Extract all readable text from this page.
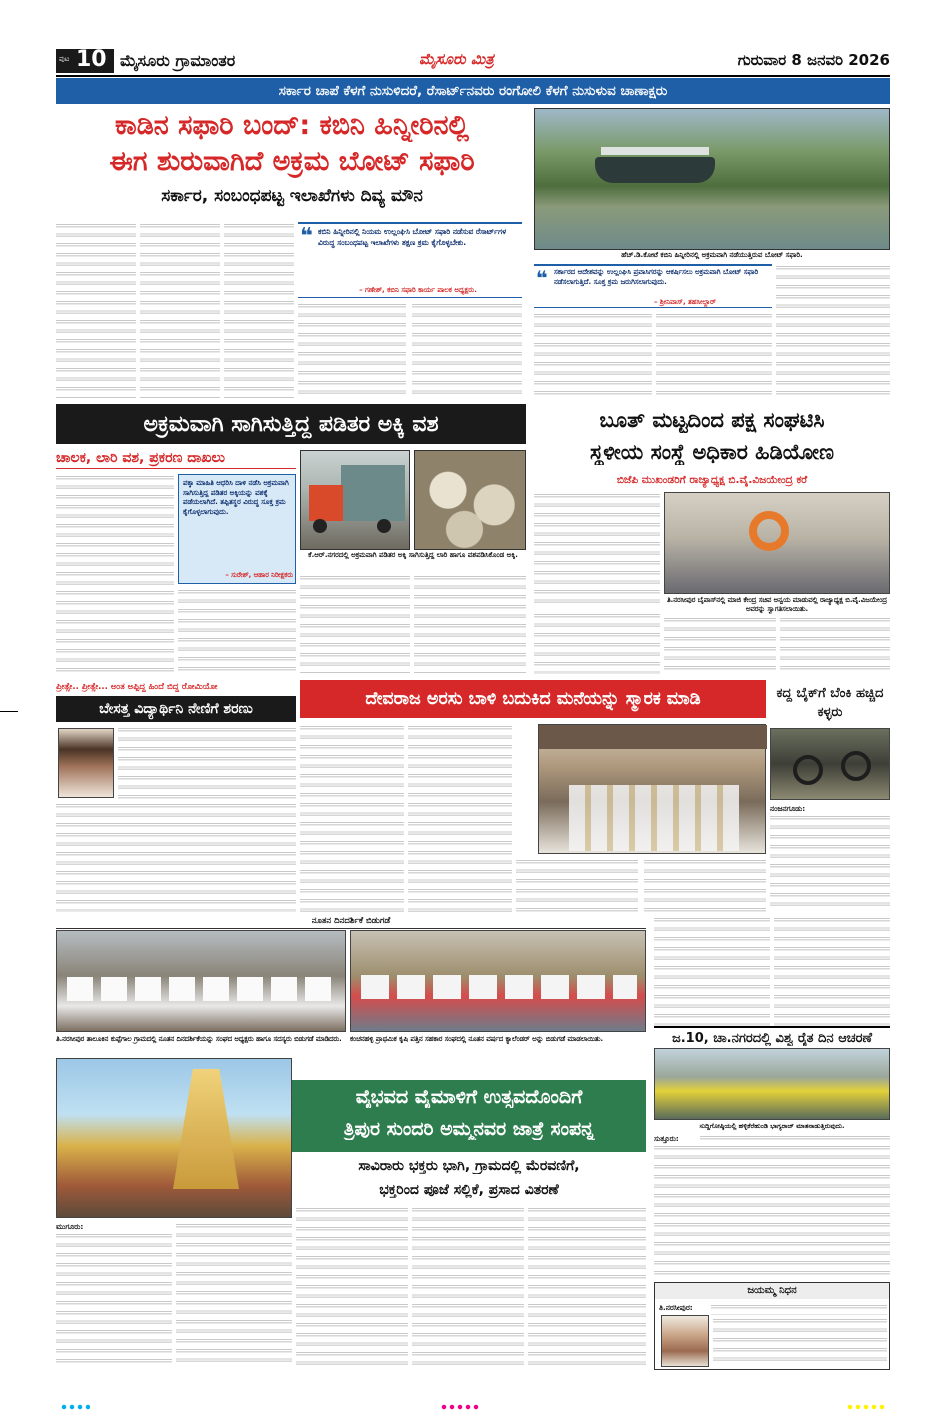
ಪುಟ 10 ಮೈಸೂರು ಗ್ರಾಮಾಂತರ	ಮೈಸೂರು ಮಿತ್ರ	ಗುರುವಾರ 8 ಜನವರಿ 2026
ಸರ್ಕಾರ ಚಾಪೆ ಕೆಳಗೆ ನುಸುಳಿದರೆ, ರೆಸಾರ್ಟ್‌ನವರು ರಂಗೋಲಿ ಕೆಳಗೆ ನುಸುಳುವ ಚಾಣಾಕ್ಷರು
ಕಾಡಿನ ಸಫಾರಿ ಬಂದ್: ಕಬಿನಿ ಹಿನ್ನೀರಿನಲ್ಲಿ
ಈಗ ಶುರುವಾಗಿದೆ ಅಕ್ರಮ ಬೋಟ್ ಸಫಾರಿ
ಸರ್ಕಾರ, ಸಂಬಂಧಪಟ್ಟ ಇಲಾಖೆಗಳು ದಿವ್ಯ ಮೌನ
ಹೆಚ್.ಡಿ.ಕೋಟೆ ಕಬಿನಿ ಹಿನ್ನೀರಿನಲ್ಲಿ ಅಕ್ರಮವಾಗಿ ನಡೆಯುತ್ತಿರುವ ಬೋಟ್ ಸಫಾರಿ.
❝ ಕಬಿನಿ ಹಿನ್ನೀರಿನಲ್ಲಿ ನಿಯಮ ಉಲ್ಲಂಘಿಸಿ ಬೋಟ್ ಸಫಾರಿ ನಡೆಸುವ ರೆಸಾರ್ಟ್‌ಗಳ ವಿರುದ್ಧ ಸಂಬಂಧಪಟ್ಟ ಇಲಾಖೆಗಳು ತಕ್ಷಣ ಕ್ರಮ ಕೈಗೊಳ್ಳಬೇಕು.
– ಗಣೇಶ್, ಕಬಿನಿ ಸಫಾರಿ ಕಾರ್ಯ ಪಾಲಕ ಅಧ್ಯಕ್ಷರು.	❝ ಸರ್ಕಾರದ ಆದೇಶವನ್ನು ಉಲ್ಲಂಘಿಸಿ ಪ್ರವಾಸಿಗರನ್ನು ಆಕರ್ಷಿಸಲು ಅಕ್ರಮವಾಗಿ ಬೋಟ್ ಸಫಾರಿ ನಡೆಸಲಾಗುತ್ತಿದೆ. ಸೂಕ್ತ ಕ್ರಮ ಜರುಗಿಸಲಾಗುವುದು.
– ಶ್ರೀನಿವಾಸ್, ತಹಸೀಲ್ದಾರ್
ಅಕ್ರಮವಾಗಿ ಸಾಗಿಸುತ್ತಿದ್ದ ಪಡಿತರ ಅಕ್ಕಿ ವಶ
ಚಾಲಕ, ಲಾರಿ ವಶ, ಪ್ರಕರಣ ದಾಖಲು
ಪಕ್ಕಾ ಮಾಹಿತಿ ಆಧರಿಸಿ ದಾಳಿ ನಡೆಸಿ ಅಕ್ರಮವಾಗಿ ಸಾಗಿಸುತ್ತಿದ್ದ ಪಡಿತರ ಅಕ್ಕಿಯನ್ನು ವಶಕ್ಕೆ ಪಡೆಯಲಾಗಿದೆ. ತಪ್ಪಿತಸ್ಥರ ವಿರುದ್ಧ ಸೂಕ್ತ ಕ್ರಮ ಕೈಗೊಳ್ಳಲಾಗುವುದು.
– ಸುರೇಶ್, ಆಹಾರ ನಿರೀಕ್ಷಕರು
ಕೆ.ಆರ್.ನಗರದಲ್ಲಿ ಅಕ್ರಮವಾಗಿ ಪಡಿತರ ಅಕ್ಕಿ ಸಾಗಿಸುತ್ತಿದ್ದ ಲಾರಿ ಹಾಗೂ ವಶಪಡಿಸಿಕೊಂಡ ಅಕ್ಕಿ.
ಬೂತ್ ಮಟ್ಟದಿಂದ ಪಕ್ಷ ಸಂಘಟಿಸಿ
ಸ್ಥಳೀಯ ಸಂಸ್ಥೆ ಅಧಿಕಾರ ಹಿಡಿಯೋಣ
ಬಿಜೆಪಿ ಮುಖಂಡರಿಗೆ ರಾಜ್ಯಾಧ್ಯಕ್ಷ ಬಿ.ವೈ.ವಿಜಯೇಂದ್ರ ಕರೆ
ತಿ.ನರಸೀಪುರ ಬೈಪಾಸ್‌ನಲ್ಲಿ ಮಾಜಿ ಕೇಂದ್ರ ಸಚಿವ ಅನ್ವಯ ಮಾಡುವಲ್ಲಿ ರಾಜ್ಯಾಧ್ಯಕ್ಷ ಬಿ.ವೈ.ವಿಜಯೇಂದ್ರ ಅವರನ್ನು ಸ್ವಾಗತಿಸಲಾಯಿತು.
ಪ್ರೀತ್ಸೇ.. ಪ್ರೀತ್ಸೇ... ಅಂತ ಅಪ್ಪಿದ್ದ ಹಿಂದೆ ಬಿದ್ದ ರೋಮಿಯೋ
ಬೇಸತ್ತ ವಿದ್ಯಾರ್ಥಿನಿ ನೇಣಿಗೆ ಶರಣು	ದೇವರಾಜ ಅರಸು ಬಾಳಿ ಬದುಕಿದ ಮನೆಯನ್ನು ಸ್ಮಾರಕ ಮಾಡಿ	ಕದ್ದ ಬೈಕ್‌ಗೆ ಬೆಂಕಿ ಹಚ್ಚಿದ ಕಳ್ಳರು
ನಂಜನಗೂಡು:
ನೂತನ ದಿನದರ್ಶಿಕೆ ಬಿಡುಗಡೆ
ತಿ.ನರಸೀಪುರ ತಾಲೂಕಿನ ಕುಪ್ಪೆಗಾಲ ಗ್ರಾಮದಲ್ಲಿ ನೂತನ ದಿನದರ್ಶಿಕೆಯನ್ನು ಸಂಘದ ಅಧ್ಯಕ್ಷರು ಹಾಗೂ ಸದಸ್ಯರು ಬಿಡುಗಡೆ ಮಾಡಿದರು.	ಕಂಚನಹಳ್ಳಿ ಪ್ರಾಥಮಿಕ ಕೃಷಿ ಪತ್ತಿನ ಸಹಕಾರ ಸಂಘದಲ್ಲಿ ನೂತನ ವರ್ಷದ ಕ್ಯಾಲೆಂಡರ್ ಅನ್ನು ಬಿಡುಗಡೆ ಮಾಡಲಾಯಿತು.	ಜ.10, ಚಾ.ನಗರದಲ್ಲಿ ವಿಶ್ವ ರೈತ ದಿನ ಆಚರಣೆ
ಸುದ್ದಿಗೋಷ್ಠಿಯಲ್ಲಿ ಹಳ್ಳಿಕೆರೆಹುಂಡಿ ಭಾಗ್ಯರಾಜ್ ಮಾತನಾಡುತ್ತಿರುವುದು.
ಸುತ್ತೂರು:
ವೈಭವದ ವೈಮಾಳಿಗೆ ಉತ್ಸವದೊಂದಿಗೆ
ತ್ರಿಪುರ ಸುಂದರಿ ಅಮ್ಮನವರ ಜಾತ್ರೆ ಸಂಪನ್ನ
ಸಾವಿರಾರು ಭಕ್ತರು ಭಾಗಿ, ಗ್ರಾಮದಲ್ಲಿ ಮೆರವಣಿಗೆ,
ಭಕ್ತರಿಂದ ಪೂಜೆ ಸಲ್ಲಿಕೆ, ಪ್ರಸಾದ ವಿತರಣೆ
ಮುಗೂರು:
ಜಯಮ್ಮ ನಿಧನ
ತಿ.ನರಸೀಪುರ:
